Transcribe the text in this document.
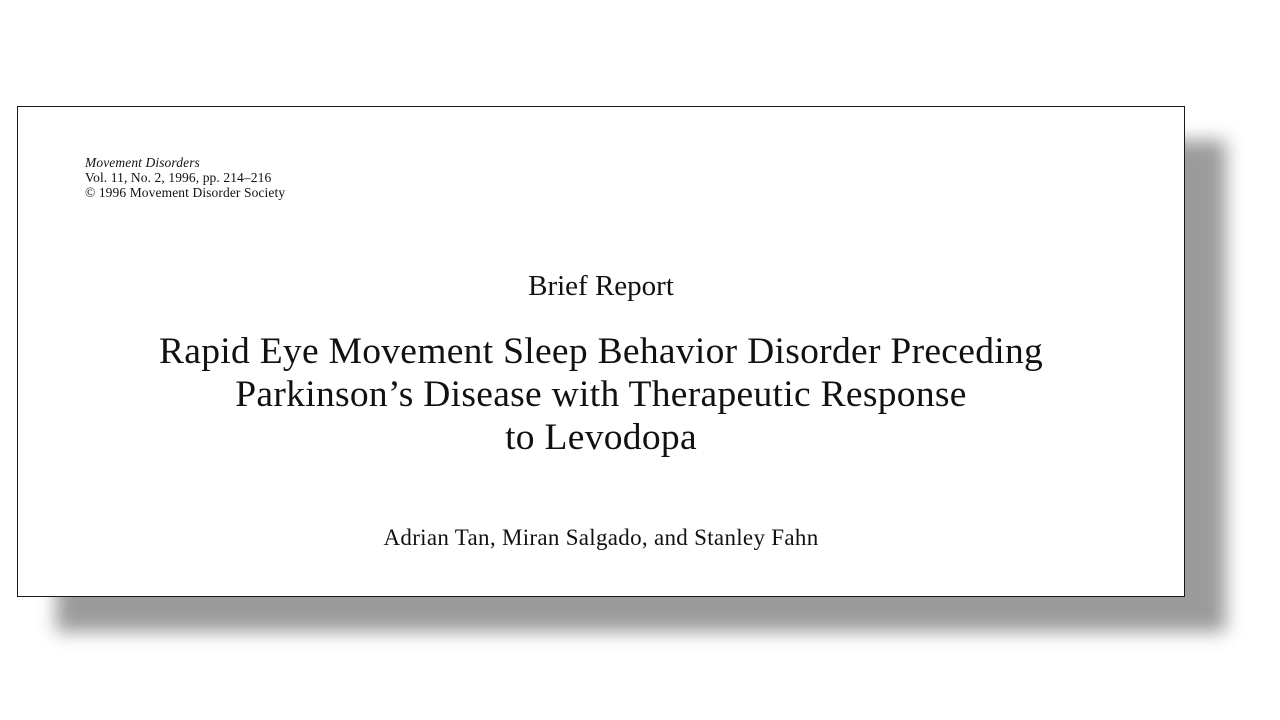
Movement Disorders
Vol. 11, No. 2, 1996, pp. 214–216
© 1996 Movement Disorder Society
Brief Report
Rapid Eye Movement Sleep Behavior Disorder Preceding
Parkinson’s Disease with Therapeutic Response
to Levodopa
Adrian Tan, Miran Salgado, and Stanley Fahn
